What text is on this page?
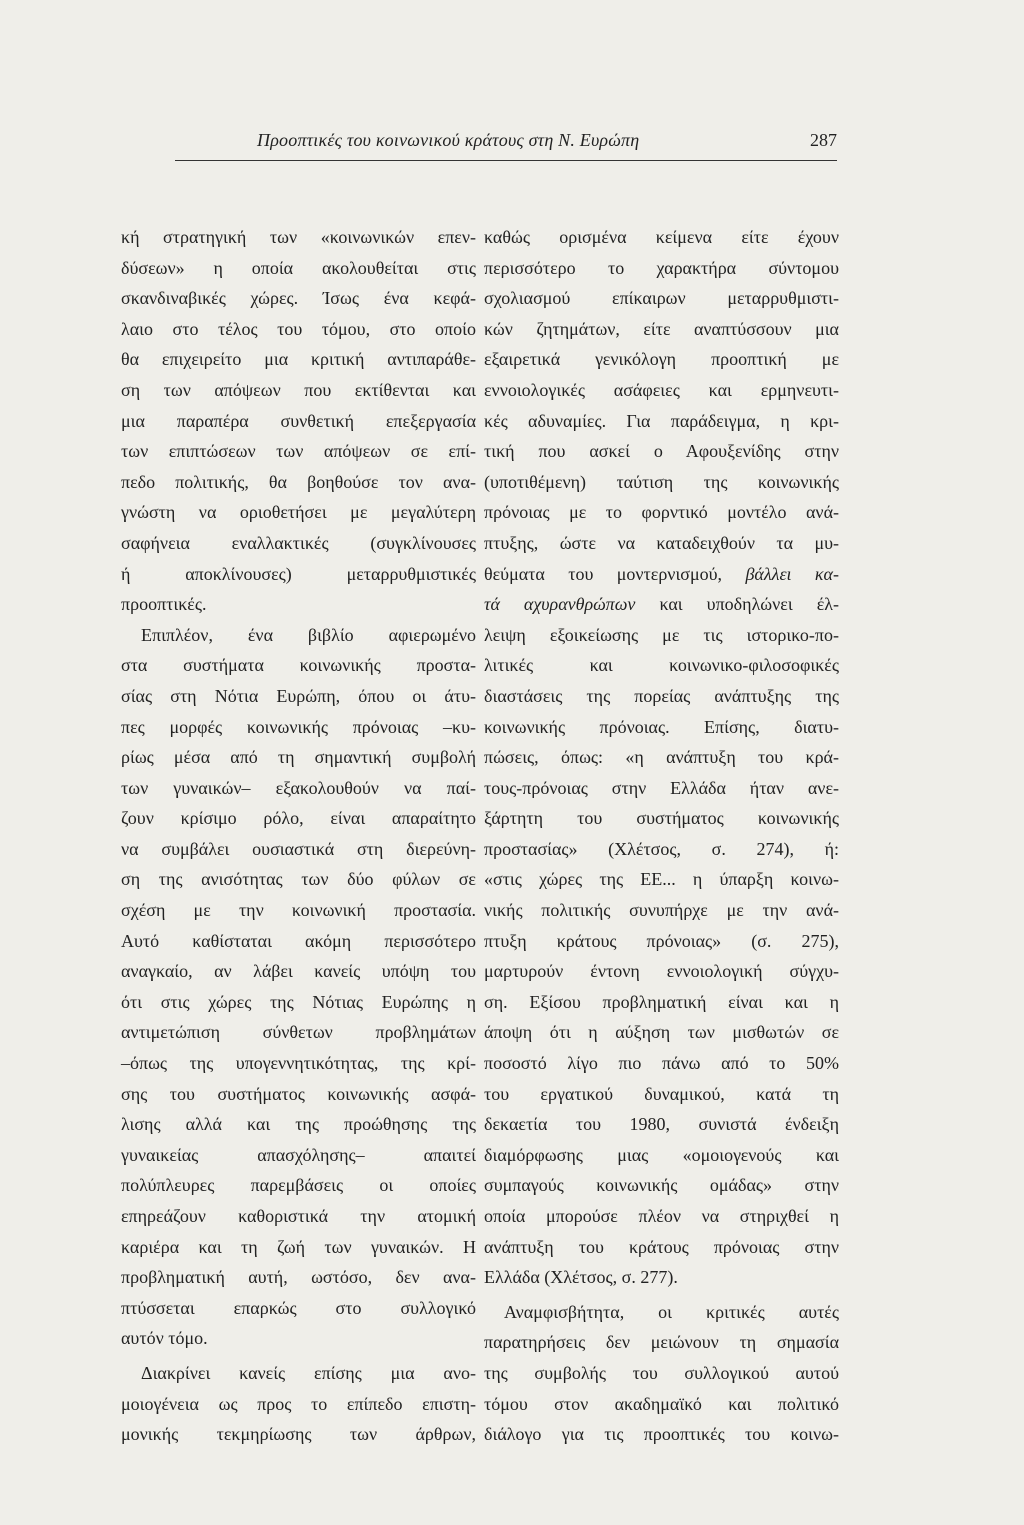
Προοπτικές του κοινωνικού κράτους στη Ν. Ευρώπη	287
κή στρατηγική των «κοινωνικών επεν-
δύσεων» η οποία ακολουθείται στις
σκανδιναβικές χώρες. Ίσως ένα κεφά-
λαιο στο τέλος του τόμου, στο οποίο
θα επιχειρείτο μια κριτική αντιπαράθε-
ση των απόψεων που εκτίθενται και
μια παραπέρα συνθετική επεξεργασία
των επιπτώσεων των απόψεων σε επί-
πεδο πολιτικής, θα βοηθούσε τον ανα-
γνώστη να οριοθετήσει με μεγαλύτερη
σαφήνεια εναλλακτικές (συγκλίνουσες
ή αποκλίνουσες) μεταρρυθμιστικές
προοπτικές.
Επιπλέον, ένα βιβλίο αφιερωμένο
στα συστήματα κοινωνικής προστα-
σίας στη Νότια Ευρώπη, όπου οι άτυ-
πες μορφές κοινωνικής πρόνοιας –κυ-
ρίως μέσα από τη σημαντική συμβολή
των γυναικών– εξακολουθούν να παί-
ζουν κρίσιμο ρόλο, είναι απαραίτητο
να συμβάλει ουσιαστικά στη διερεύνη-
ση της ανισότητας των δύο φύλων σε
σχέση με την κοινωνική προστασία.
Αυτό καθίσταται ακόμη περισσότερο
αναγκαίο, αν λάβει κανείς υπόψη του
ότι στις χώρες της Νότιας Ευρώπης η
αντιμετώπιση σύνθετων προβλημάτων
–όπως της υπογεννητικότητας, της κρί-
σης του συστήματος κοινωνικής ασφά-
λισης αλλά και της προώθησης της
γυναικείας απασχόλησης– απαιτεί
πολύπλευρες παρεμβάσεις οι οποίες
επηρεάζουν καθοριστικά την ατομική
καριέρα και τη ζωή των γυναικών. Η
προβληματική αυτή, ωστόσο, δεν ανα-
πτύσσεται επαρκώς στο συλλογικό
αυτόν τόμο.
Διακρίνει κανείς επίσης μια ανο-
μοιογένεια ως προς το επίπεδο επιστη-
μονικής τεκμηρίωσης των άρθρων,
καθώς ορισμένα κείμενα είτε έχουν
περισσότερο το χαρακτήρα σύντομου
σχολιασμού επίκαιρων μεταρρυθμιστι-
κών ζητημάτων, είτε αναπτύσσουν μια
εξαιρετικά γενικόλογη προοπτική με
εννοιολογικές ασάφειες και ερμηνευτι-
κές αδυναμίες. Για παράδειγμα, η κρι-
τική που ασκεί ο Αφουξενίδης στην
(υποτιθέμενη) ταύτιση της κοινωνικής
πρόνοιας με το φορντικό μοντέλο ανά-
πτυξης, ώστε να καταδειχθούν τα μυ-
θεύματα του μοντερνισμού, βάλλει κα-
τά αχυρανθρώπων και υποδηλώνει έλ-
λειψη εξοικείωσης με τις ιστορικο-πο-
λιτικές και κοινωνικο-φιλοσοφικές
διαστάσεις της πορείας ανάπτυξης της
κοινωνικής πρόνοιας. Επίσης, διατυ-
πώσεις, όπως: «η ανάπτυξη του κρά-
τους-πρόνοιας στην Ελλάδα ήταν ανε-
ξάρτητη του συστήματος κοινωνικής
προστασίας» (Χλέτσος, σ. 274), ή:
«στις χώρες της ΕΕ... η ύπαρξη κοινω-
νικής πολιτικής συνυπήρχε με την ανά-
πτυξη κράτους πρόνοιας» (σ. 275),
μαρτυρούν έντονη εννοιολογική σύγχυ-
ση. Εξίσου προβληματική είναι και η
άποψη ότι η αύξηση των μισθωτών σε
ποσοστό λίγο πιο πάνω από το 50%
του εργατικού δυναμικού, κατά τη
δεκαετία του 1980, συνιστά ένδειξη
διαμόρφωσης μιας «ομοιογενούς και
συμπαγούς κοινωνικής ομάδας» στην
οποία μπορούσε πλέον να στηριχθεί η
ανάπτυξη του κράτους πρόνοιας στην
Ελλάδα (Χλέτσος, σ. 277).
Αναμφισβήτητα, οι κριτικές αυτές
παρατηρήσεις δεν μειώνουν τη σημασία
της συμβολής του συλλογικού αυτού
τόμου στον ακαδημαϊκό και πολιτικό
διάλογο για τις προοπτικές του κοινω-
